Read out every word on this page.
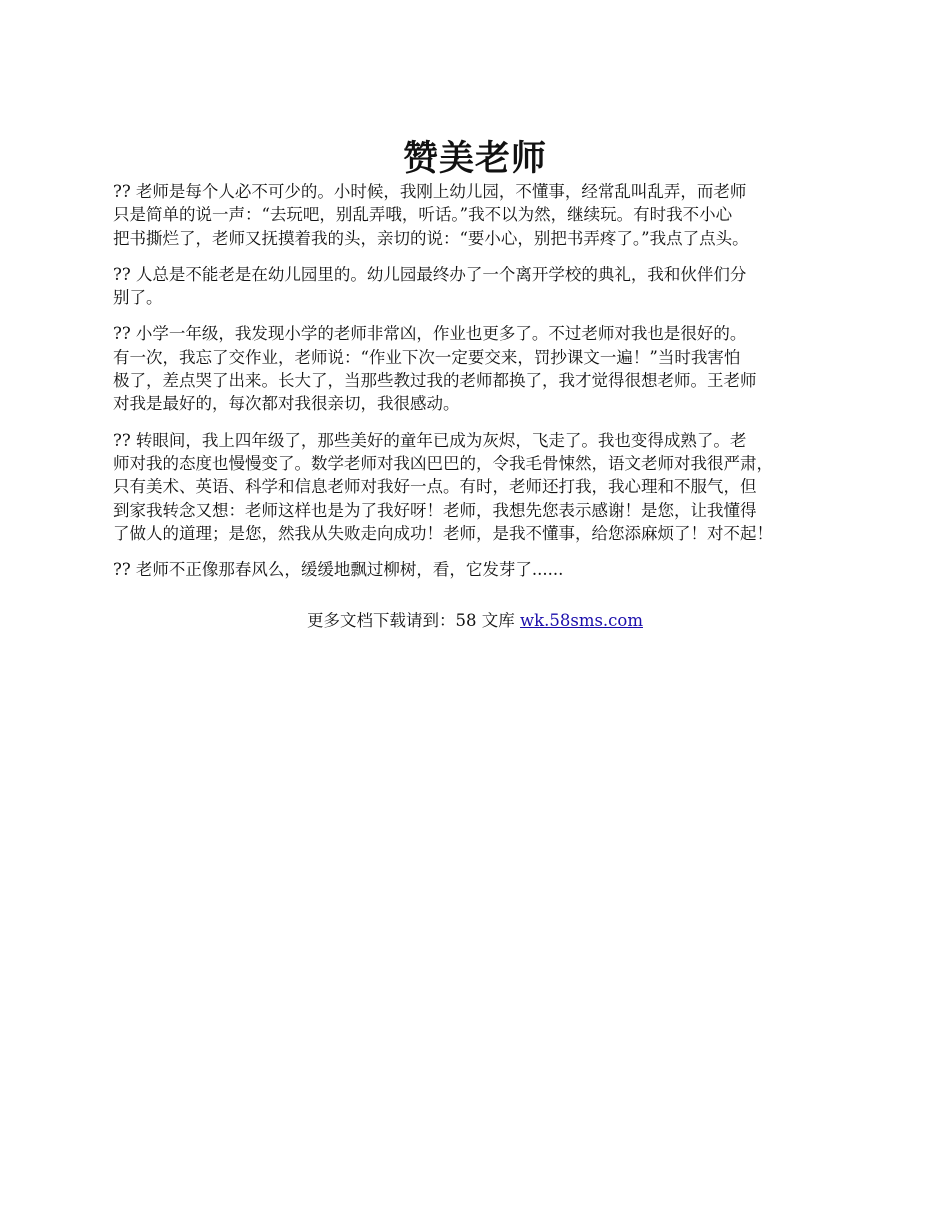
赞美老师

?? 老师是每个人必不可少的。小时候，我刚上幼儿园，不懂事，经常乱叫乱弄，而老师
只是简单的说一声：“去玩吧，别乱弄哦，听话。”我不以为然，继续玩。有时我不小心
把书撕烂了，老师又抚摸着我的头，亲切的说：“要小心，别把书弄疼了。”我点了点头。

?? 人总是不能老是在幼儿园里的。幼儿园最终办了一个离开学校的典礼，我和伙伴们分
别了。

?? 小学一年级，我发现小学的老师非常凶，作业也更多了。不过老师对我也是很好的。
有一次，我忘了交作业，老师说：“作业下次一定要交来，罚抄课文一遍！”当时我害怕
极了，差点哭了出来。长大了，当那些教过我的老师都换了，我才觉得很想老师。王老师
对我是最好的，每次都对我很亲切，我很感动。

?? 转眼间，我上四年级了，那些美好的童年已成为灰烬，飞走了。我也变得成熟了。老
师对我的态度也慢慢变了。数学老师对我凶巴巴的，令我毛骨悚然，语文老师对我很严肃，
只有美术、英语、科学和信息老师对我好一点。有时，老师还打我，我心理和不服气，但
到家我转念又想：老师这样也是为了我好呀！老师，我想先您表示感谢！是您，让我懂得
了做人的道理；是您，然我从失败走向成功！老师，是我不懂事，给您添麻烦了！对不起！

?? 老师不正像那春风么，缓缓地飘过柳树，看，它发芽了......

更多文档下载请到：58 文库 wk.58sms.com
